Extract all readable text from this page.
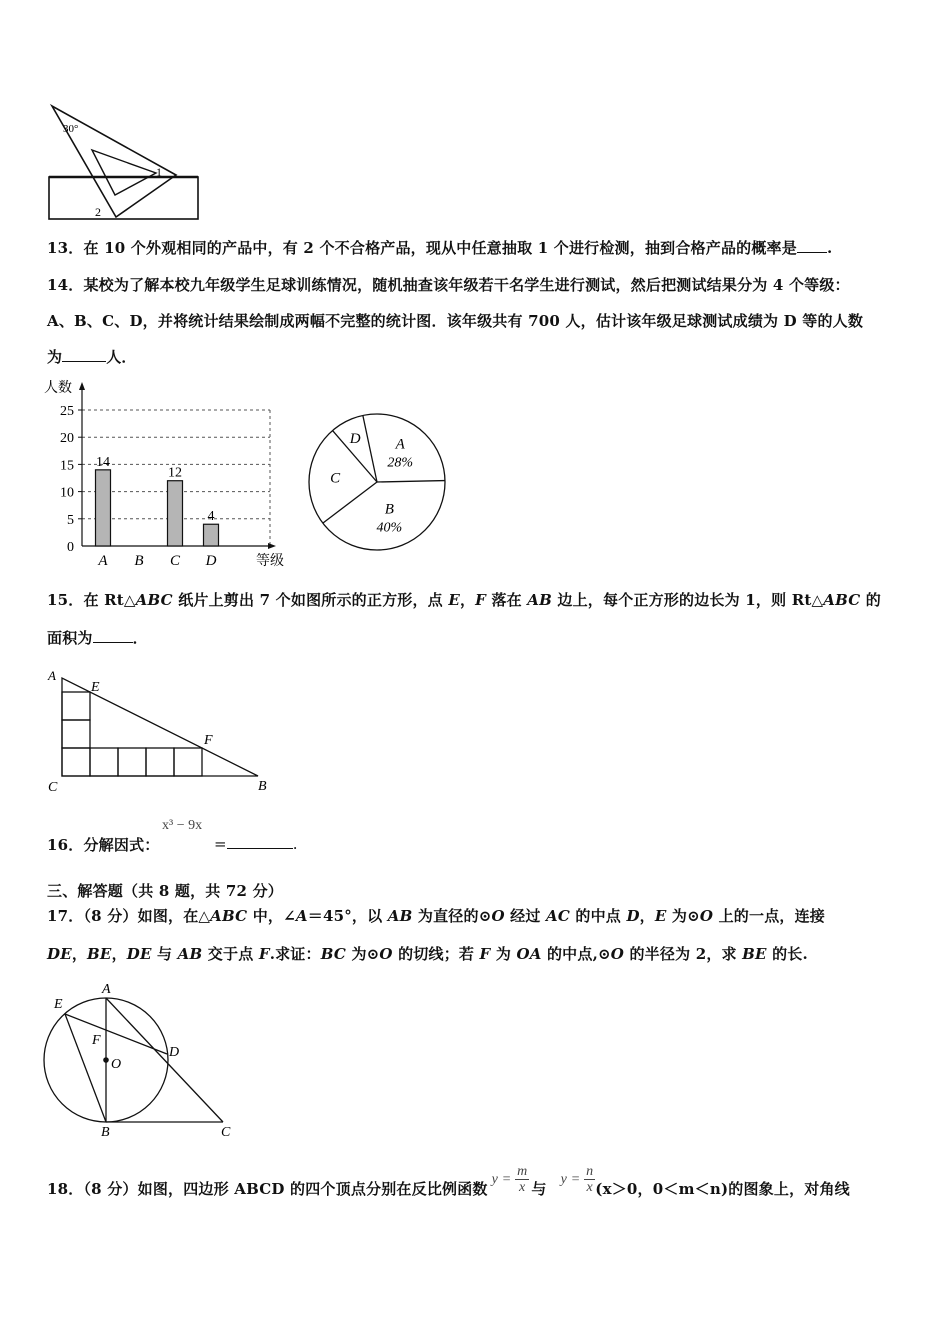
30°
1
2
13．在 10 个外观相同的产品中，有 2 个不合格产品，现从中任意抽取 1 个进行检测，抽到合格产品的概率是 .
14．某校为了解本校九年级学生足球训练情况，随机抽查该年级若干名学生进行测试，然后把测试结果分为 4 个等级：
A、B、C、D，并将统计结果绘制成两幅不完整的统计图．该年级共有 700 人，估计该年级足球测试成绩为 D 等的人数
为	人．
人数
等级
0
5
10
15
20
25
A B C D
14
12
4
A
28%
B
40%
C
D
15．在 Rt△ABC 纸片上剪出 7 个如图所示的正方形，点 E，F 落在 AB 边上，每个正方形的边长为 1，则 Rt△ABC 的
面积为	．
A
E
F
B
C
16．分解因式：
x³ − 9x
=	.
三、解答题（共 8 题，共 72 分）
17．（8 分）如图，在△ABC 中，∠A＝45°，以 AB 为直径的⊙O 经过 AC 的中点 D，E 为⊙O 上的一点，连接
DE，BE，DE 与 AB 交于点 F.求证：BC 为⊙O 的切线；若 F 为 OA 的中点,⊙O 的半径为 2，求 BE 的长.
E
A
F
O
D
B	C
18．（8 分）如图，四边形 ABCD 的四个顶点分别在反比例函数
$y = \frac{m}{x}$ 与
$y = \frac{n}{x} (x>0$，0＜m＜n)的图象上，对角线
